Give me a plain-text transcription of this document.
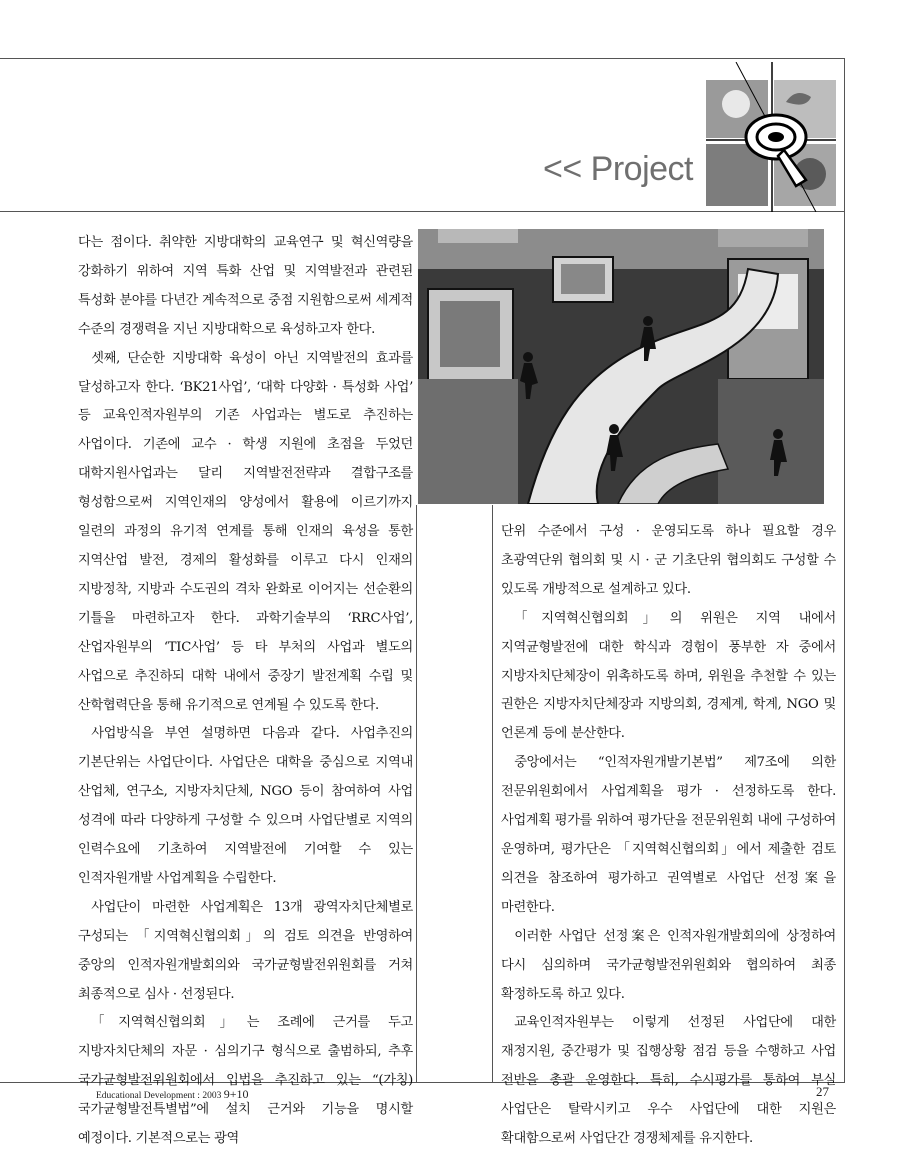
<< Project

다는 점이다. 취약한 지방대학의 교육연구 및 혁신역량을 강화하기 위하여 지역 특화 산업 및 지역발전과 관련된 특성화 분야를 다년간 계속적으로 중점 지원함으로써 세계적 수준의 경쟁력을 지닌 지방대학으로 육성하고자 한다.

셋째, 단순한 지방대학 육성이 아닌 지역발전의 효과를 달성하고자 한다. ‘BK21사업’, ‘대학 다양화 · 특성화 사업’ 등 교육인적자원부의 기존 사업과는 별도로 추진하는 사업이다. 기존에 교수 · 학생 지원에 초점을 두었던 대학지원사업과는 달리 지역발전전략과 결합구조를 형성함으로써 지역인재의 양성에서 활용에 이르기까지 일련의 과정의 유기적 연계를 통해 인재의 육성을 통한 지역산업 발전, 경제의 활성화를 이루고 다시 인재의 지방정착, 지방과 수도권의 격차 완화로 이어지는 선순환의 기틀을 마련하고자 한다. 과학기술부의 ‘RRC사업’, 산업자원부의 ‘TIC사업’ 등 타 부처의 사업과 별도의 사업으로 추진하되 대학 내에서 중장기 발전계획 수립 및 산학협력단을 통해 유기적으로 연계될 수 있도록 한다.

사업방식을 부연 설명하면 다음과 같다. 사업추진의 기본단위는 사업단이다. 사업단은 대학을 중심으로 지역내 산업체, 연구소, 지방자치단체, NGO 등이 참여하여 사업 성격에 따라 다양하게 구성할 수 있으며 사업단별로 지역의 인력수요에 기초하여 지역발전에 기여할 수 있는 인적자원개발 사업계획을 수립한다.

사업단이 마련한 사업계획은 13개 광역자치단체별로 구성되는 「지역혁신협의회」의 검토 의견을 반영하여 중앙의 인적자원개발회의와 국가균형발전위원회를 거쳐 최종적으로 심사 · 선정된다.

「지역혁신협의회」는 조례에 근거를 두고 지방자치단체의 자문 · 심의기구 형식으로 출범하되, 추후 국가균형발전위원회에서 입법을 추진하고 있는 “(가칭)국가균형발전특별법”에 설치 근거와 기능을 명시할 예정이다. 기본적으로는 광역

단위 수준에서 구성 · 운영되도록 하나 필요할 경우 초광역단위 협의회 및 시 · 군 기초단위 협의회도 구성할 수 있도록 개방적으로 설계하고 있다.

「지역혁신협의회」의 위원은 지역 내에서 지역균형발전에 대한 학식과 경험이 풍부한 자 중에서 지방자치단체장이 위촉하도록 하며, 위원을 추천할 수 있는 권한은 지방자치단체장과 지방의회, 경제계, 학계, NGO 및 언론계 등에 분산한다.

중앙에서는 “인적자원개발기본법” 제7조에 의한 전문위원회에서 사업계획을 평가 · 선정하도록 한다. 사업계획 평가를 위하여 평가단을 전문위원회 내에 구성하여 운영하며, 평가단은 「지역혁신협의회」에서 제출한 검토 의견을 참조하여 평가하고 권역별로 사업단 선정案을 마련한다.

이러한 사업단 선정案은 인적자원개발회의에 상정하여 다시 심의하며 국가균형발전위원회와 협의하여 최종 확정하도록 하고 있다.

교육인적자원부는 이렇게 선정된 사업단에 대한 재정지원, 중간평가 및 집행상황 점검 등을 수행하고 사업 전반을 총괄 운영한다. 특히, 수시평가를 통하여 부실 사업단은 탈락시키고 우수 사업단에 대한 지원은 확대함으로써 사업단간 경쟁체제를 유지한다.

Educational Development : 2003 9+10	27
